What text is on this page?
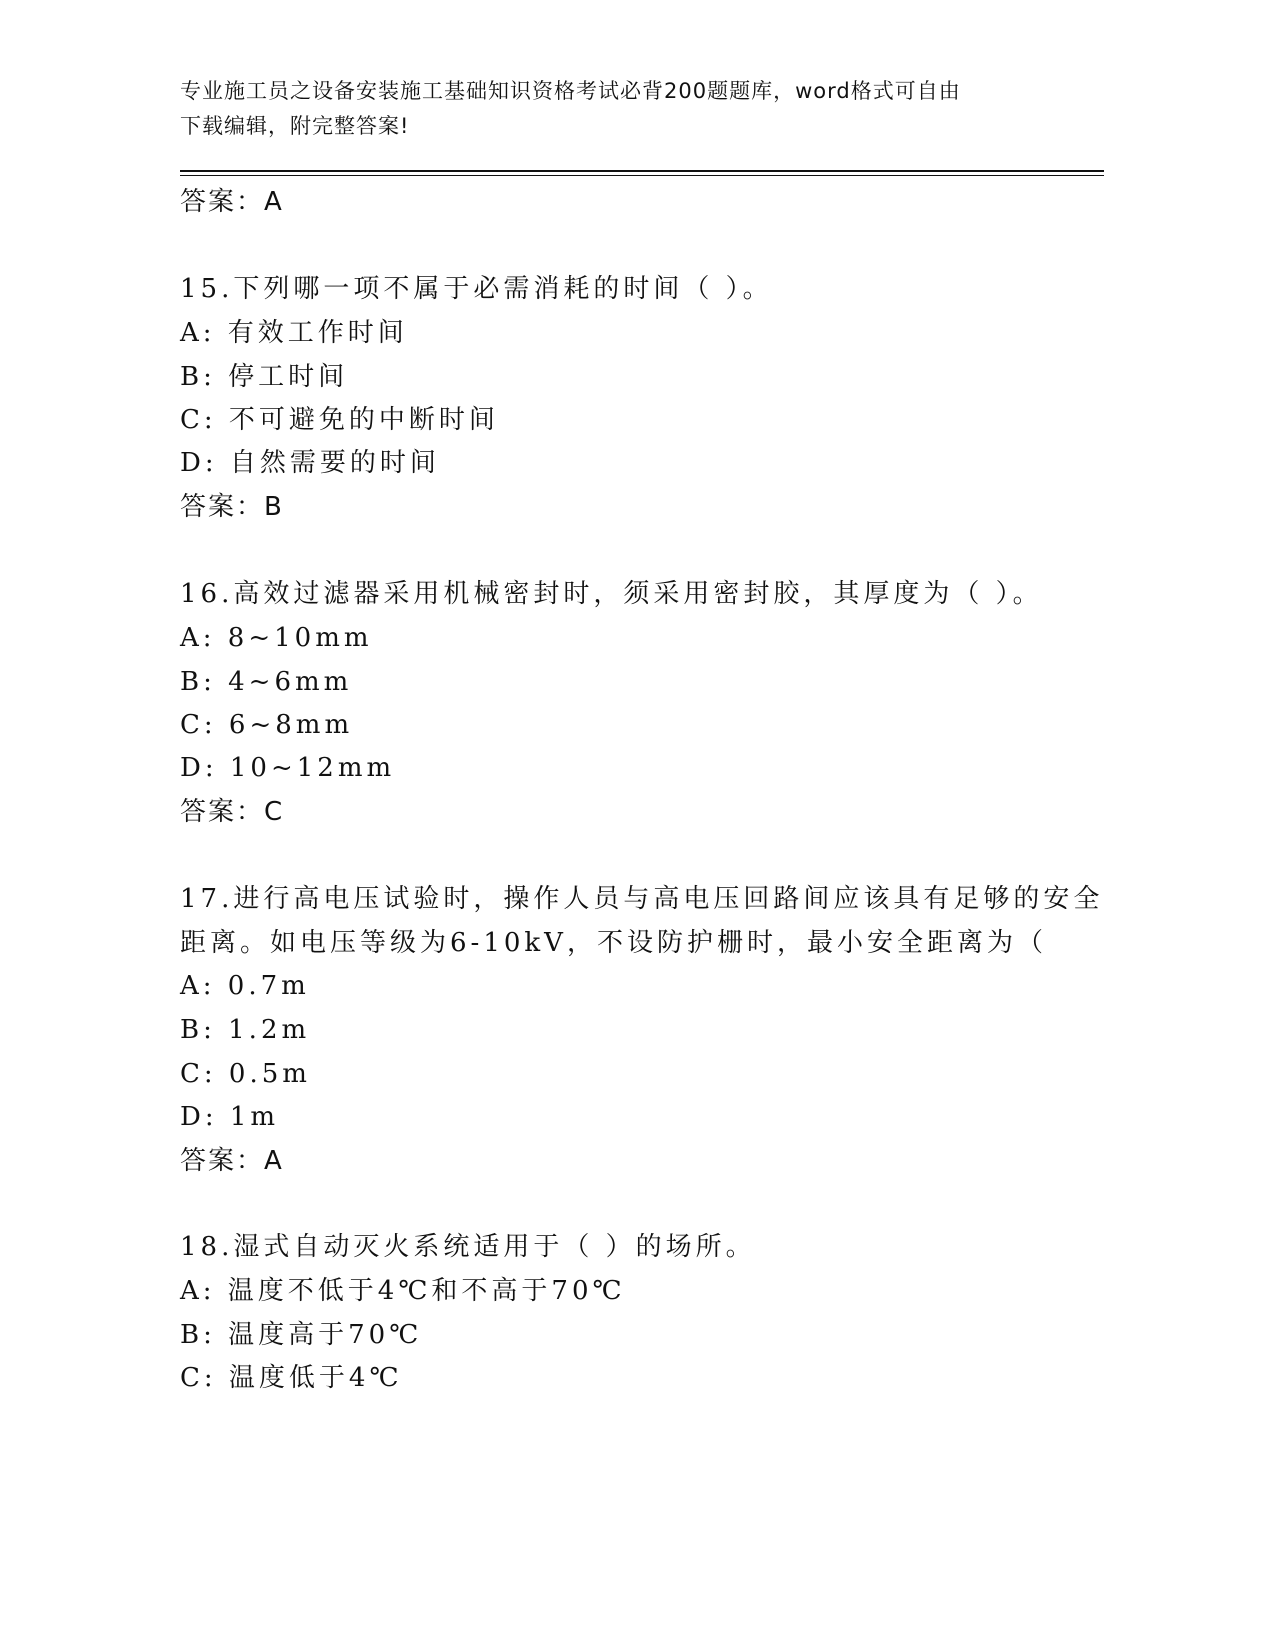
专业施工员之设备安装施工基础知识资格考试必背200题题库，word格式可自由
下载编辑，附完整答案!
答案：A
15.下列哪一项不属于必需消耗的时间（ ）。
A: 有效工作时间
B: 停工时间
C: 不可避免的中断时间
D: 自然需要的时间
答案：B
16.高效过滤器采用机械密封时，须采用密封胶，其厚度为（ ）。
A: 8~10mm
B: 4~6mm
C: 6~8mm
D: 10~12mm
答案：C
17.进行高电压试验时，操作人员与高电压回路间应该具有足够的安全
距离。如电压等级为6-10kV，不设防护栅时，最小安全距离为（
A: 0.7m
B: 1.2m
C: 0.5m
D: 1m
答案：A
18.湿式自动灭火系统适用于（ ）的场所。
A: 温度不低于4℃和不高于70℃
B: 温度高于70℃
C: 温度低于4℃
